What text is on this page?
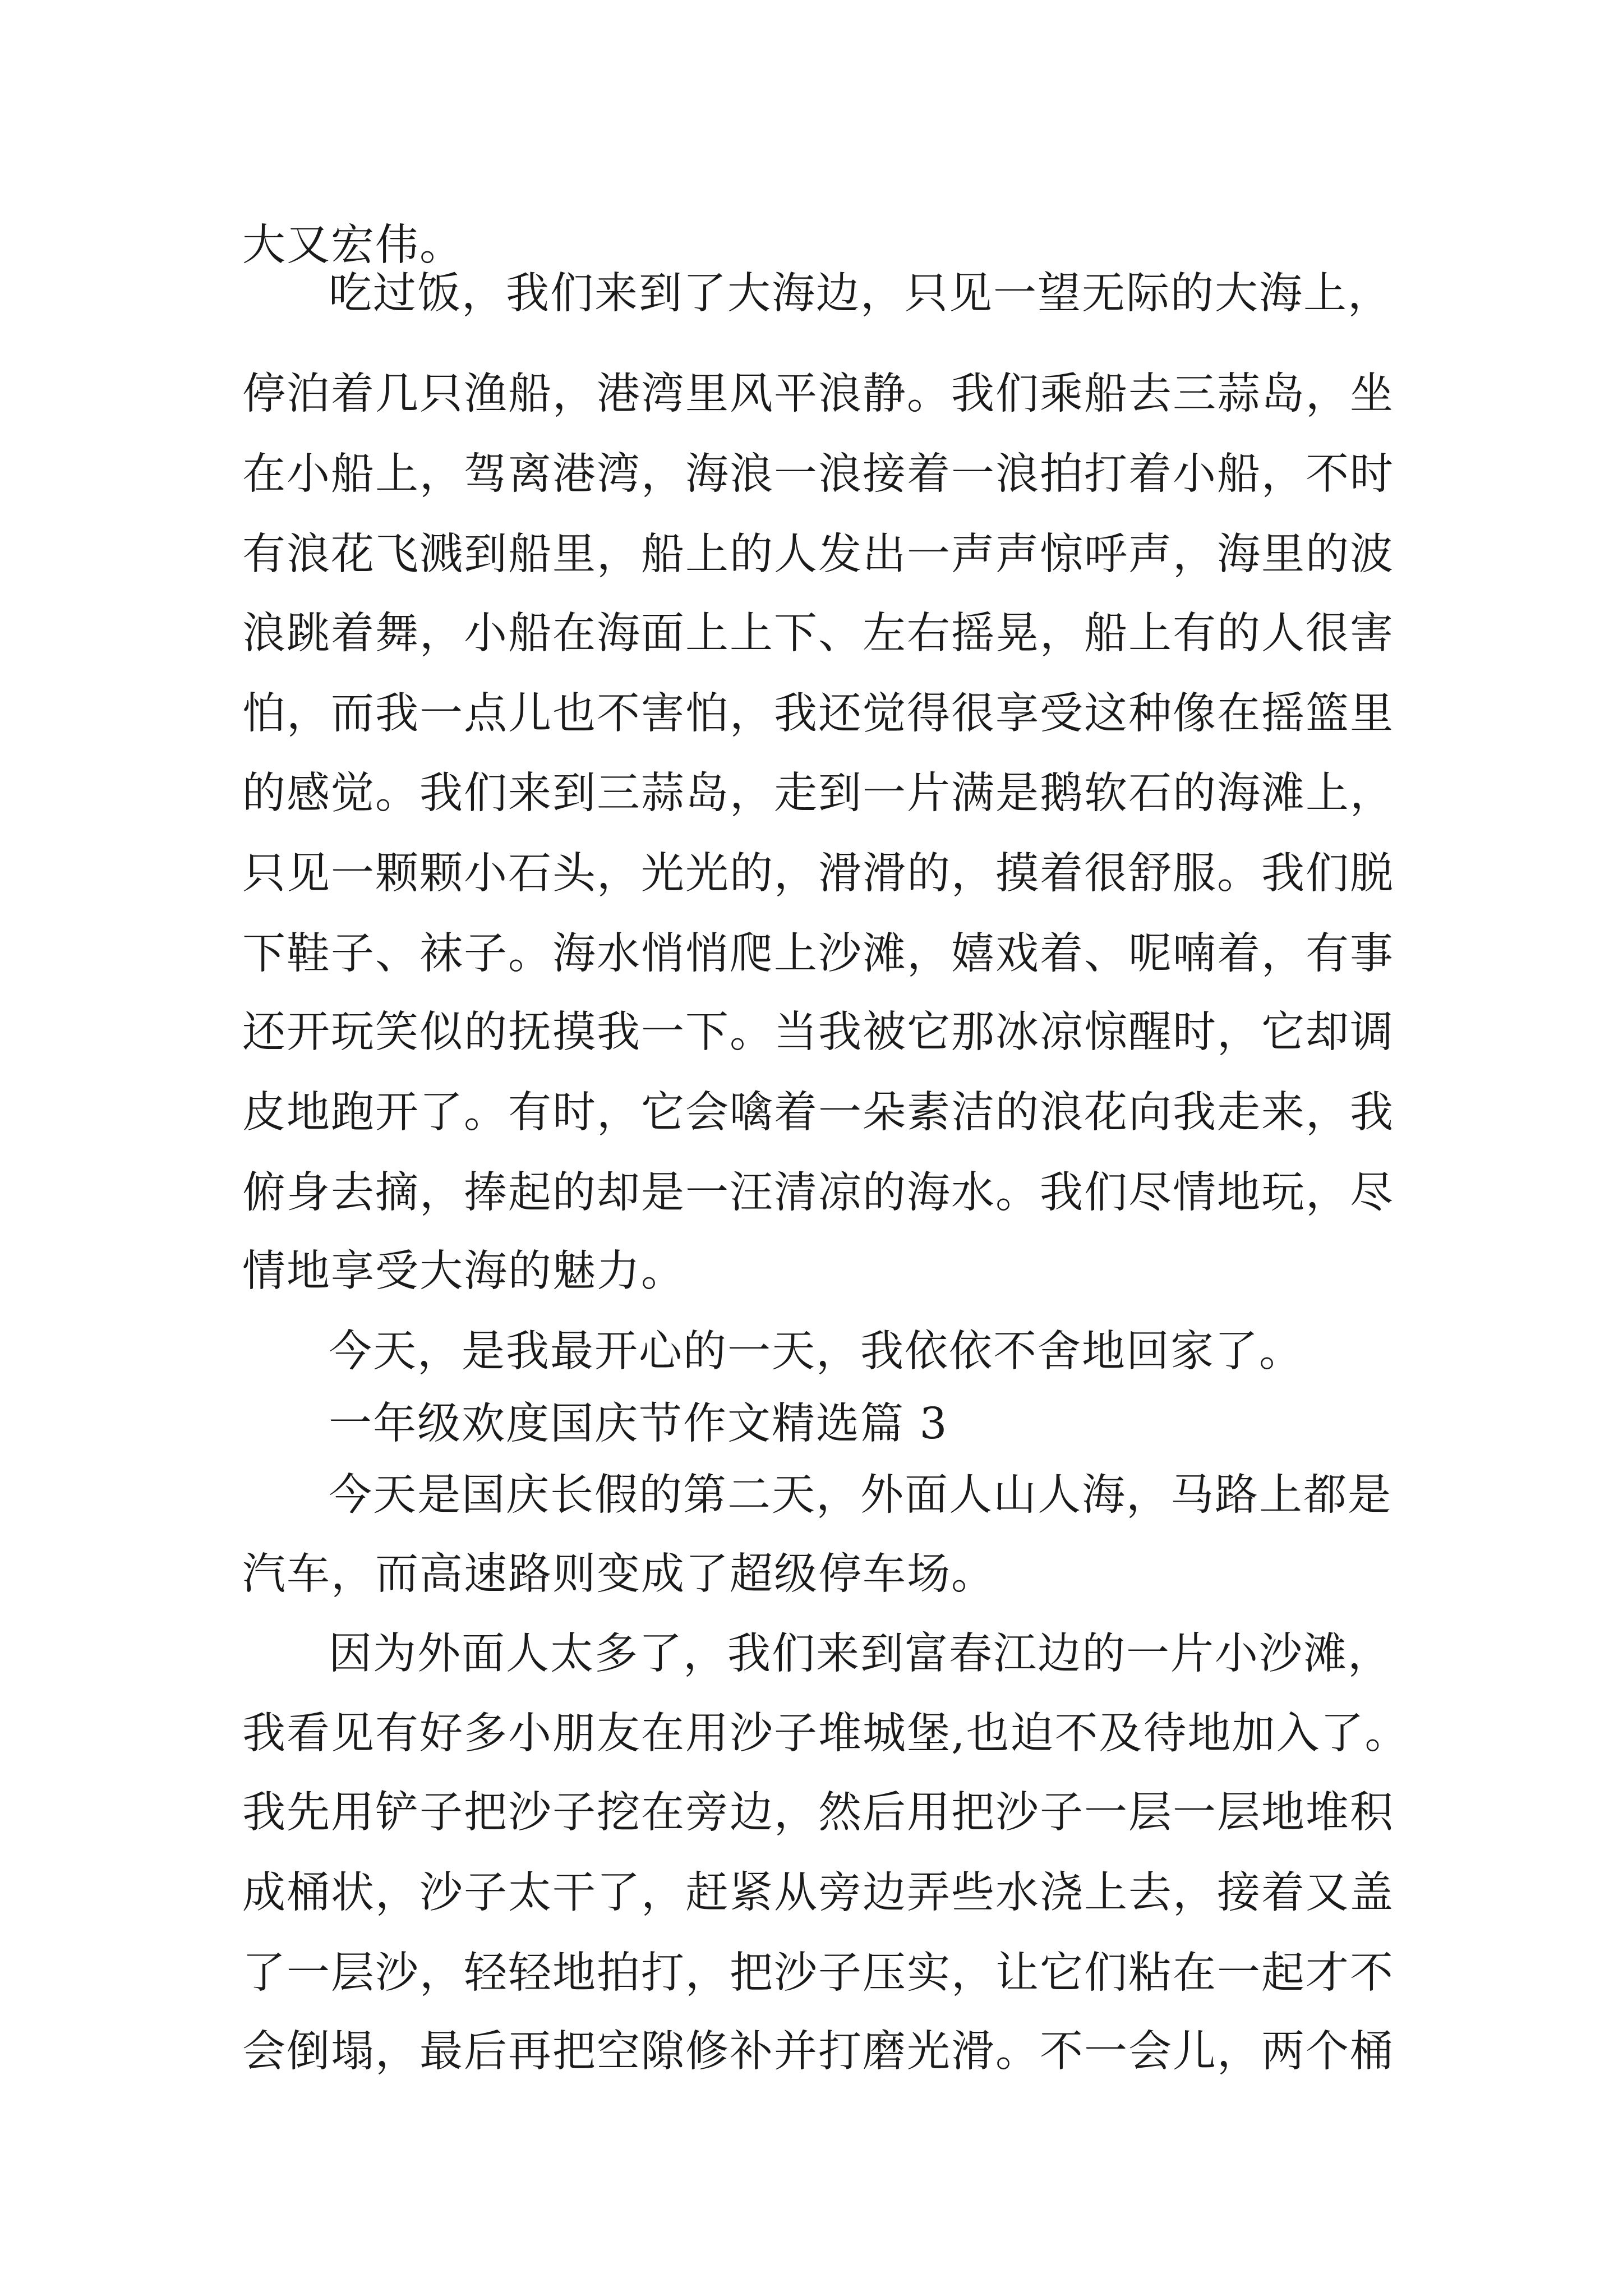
大又宏伟。
吃过饭，我们来到了大海边，只见一望无际的大海上，
停泊着几只渔船，港湾里风平浪静。我们乘船去三蒜岛，坐
在小船上，驾离港湾，海浪一浪接着一浪拍打着小船，不时
有浪花飞溅到船里，船上的人发出一声声惊呼声，海里的波
浪跳着舞，小船在海面上上下、左右摇晃，船上有的人很害
怕，而我一点儿也不害怕，我还觉得很享受这种像在摇篮里
的感觉。我们来到三蒜岛，走到一片满是鹅软石的海滩上，
只见一颗颗小石头，光光的，滑滑的，摸着很舒服。我们脱
下鞋子、袜子。海水悄悄爬上沙滩，嬉戏着、呢喃着，有事
还开玩笑似的抚摸我一下。当我被它那冰凉惊醒时，它却调
皮地跑开了。有时，它会噙着一朵素洁的浪花向我走来，我
俯身去摘，捧起的却是一汪清凉的海水。我们尽情地玩，尽
情地享受大海的魅力。
今天，是我最开心的一天，我依依不舍地回家了。
一年级欢度国庆节作文精选篇 3
今天是国庆长假的第二天，外面人山人海，马路上都是
汽车，而高速路则变成了超级停车场。
因为外面人太多了，我们来到富春江边的一片小沙滩，
我看见有好多小朋友在用沙子堆城堡,也迫不及待地加入了。
我先用铲子把沙子挖在旁边，然后用把沙子一层一层地堆积
成桶状，沙子太干了，赶紧从旁边弄些水浇上去，接着又盖
了一层沙，轻轻地拍打，把沙子压实，让它们粘在一起才不
会倒塌，最后再把空隙修补并打磨光滑。不一会儿，两个桶
